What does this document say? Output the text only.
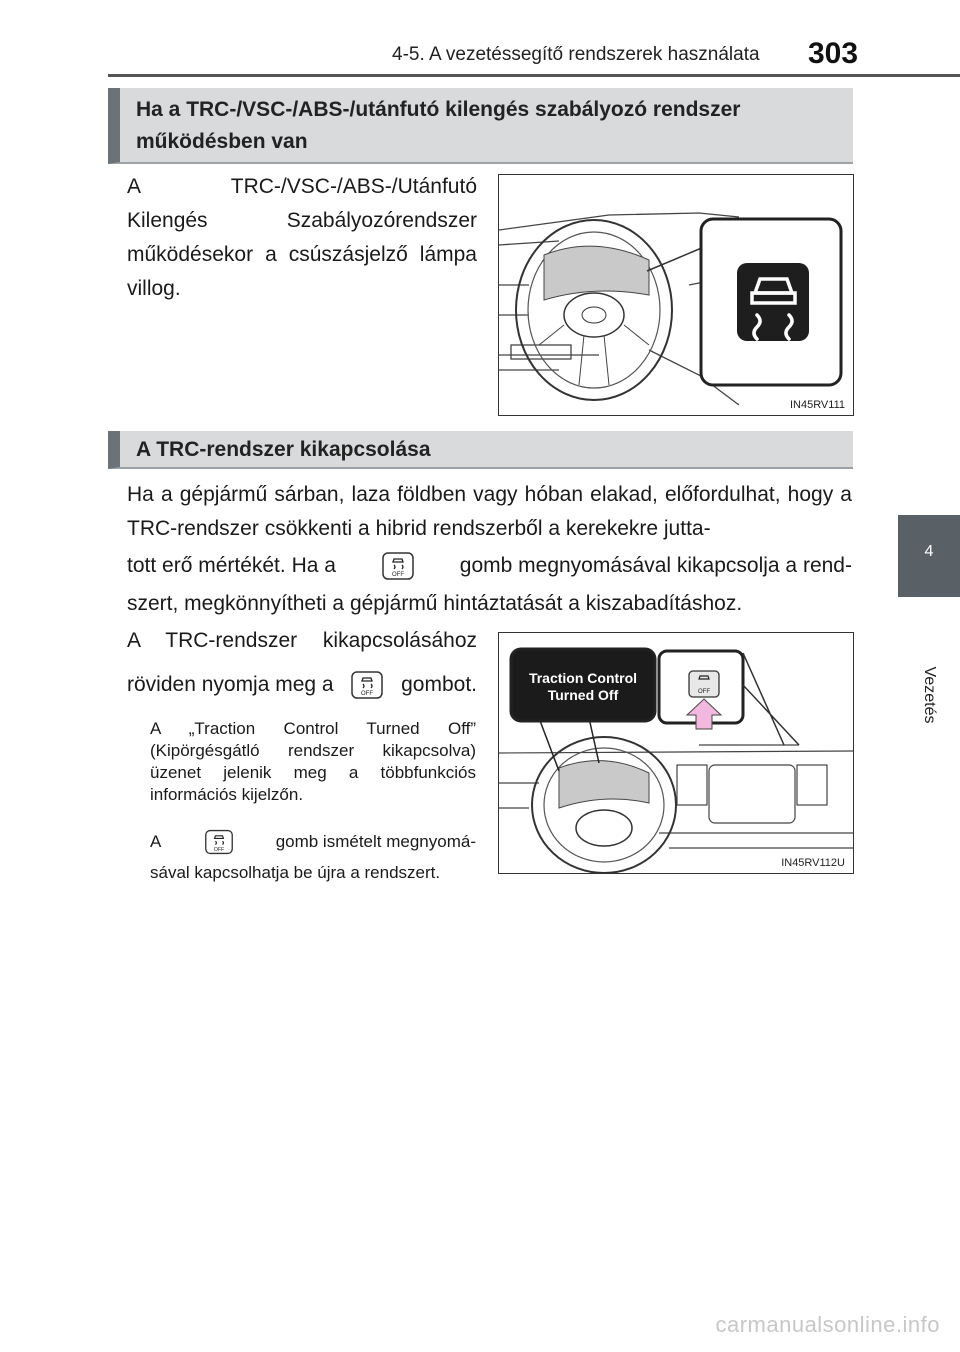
4-5. A vezetéssegítő rendszerek használata 303
4
Vezetés

Ha a TRC-/VSC-/ABS-/utánfutó kilengés szabályozó rendszer

működésben van

A TRC-/VSC-/ABS-/Utánfutó Kilengés Szabályozórendszer működésekor a csúszásjelző lámpa villog.

IN45RV111
A TRC-rendszer kikapcsolása

Ha a gépjármű sárban, laza földben vagy hóban elakad, előfordulhat, hogy a TRC-rendszer csökkenti a hibrid rendszerből a kerekekre jutta-

tott erő mértékét. Ha a	OFF	gomb megnyomásával kikapcsolja a rend-

szert, megkönnyítheti a gépjármű hintáztatását a kiszabadításhoz.

A TRC-rendszer kikapcsolásához

röviden nyomja meg a	OFF gombot.

A „Traction Control Turned Off” (Kipörgésgátló rendszer kikapcsolva) üzenet jelenik meg a többfunkciós információs kijelzőn.

A	OFF	gomb ismételt megnyomá-

sával kapcsolhatja be újra a rendszert.

Traction Control
Turned Off	OFF
IN45RV112U
carmanualsonline.info
